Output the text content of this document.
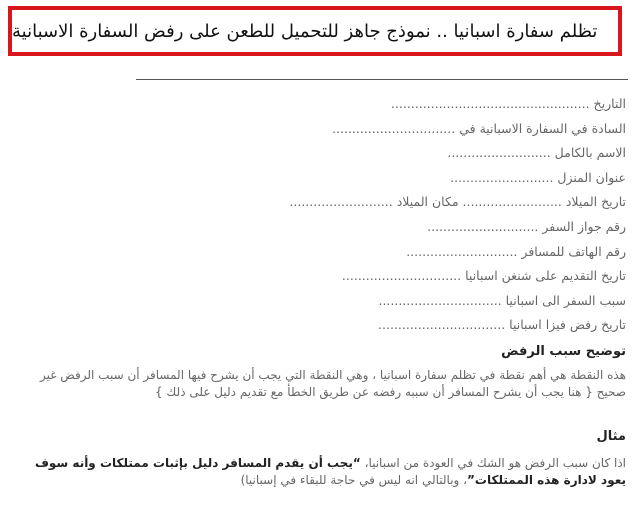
تظلم سفارة اسبانيا .. نموذج جاهز للتحميل للطعن على رفض السفارة الاسبانية
التاريخ ..................................................
السادة في السفارة الاسبانية في ...............................
الاسم بالكامل ..........................
عنوان المنزل ..........................
تاريخ الميلاد ......................... مكان الميلاد ..........................
رقم جواز السفر ............................
رقم الهاتف للمسافر ............................
تاريخ التقديم على شنغن اسبانيا ..............................
سبب السفر الى اسبانيا ...............................
تاريخ رفض فيزا اسبانيا ................................
توضيح سبب الرفض
هذه النقطة هي أهم نقطة في تظلم سفارة اسبانيا ، وهي النقطة التي يجب أن يشرح فيها المسافر أن سبب الرفض غير صحيح { هنا يجب أن يشرح المسافر أن سببه رفضه عن طريق الخطأ مع تقديم دليل على ذلك }
مثال
اذا كان سبب الرفض هو الشك في العودة من اسبانيا، “يجب أن يقدم المسافر دليل بإثبات ممتلكات وأنه سوف يعود لادارة هذه الممتلكات”، وبالتالي انه ليس في حاجة للبقاء في إسبانيا)
